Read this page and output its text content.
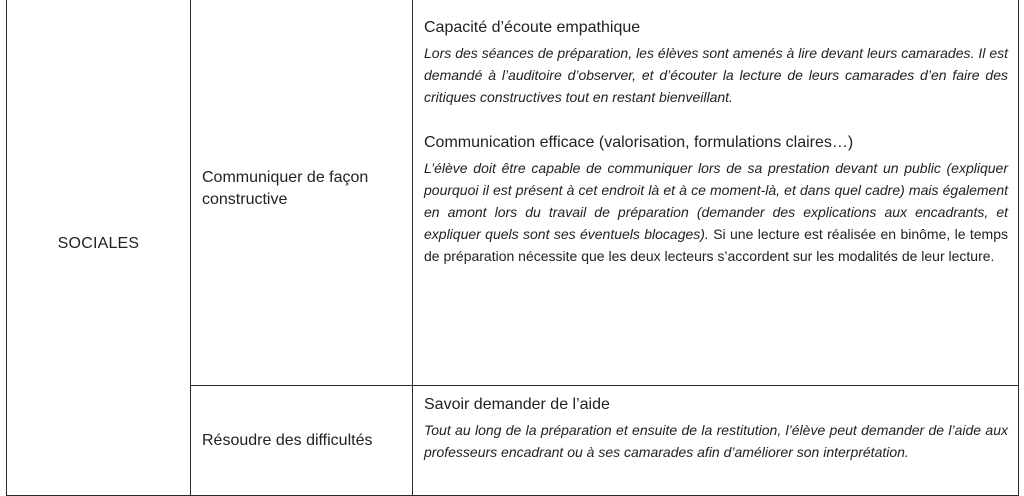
SOCIALES	Communiquer de façon constructive	Capacité d’écoute empathique

Lors des séances de préparation, les élèves sont amenés à lire devant leurs camarades. Il est demandé à l’auditoire d’observer, et d’écouter la lecture de leurs camarades d’en faire des critiques constructives tout en restant bienveillant.

Communication efficace (valorisation, formulations claires…)

L’élève doit être capable de communiquer lors de sa prestation devant un public (expliquer pourquoi il est présent à cet endroit là et à ce moment-là, et dans quel cadre) mais également en amont lors du travail de préparation (demander des explications aux encadrants, et expliquer quels sont ses éventuels blocages). Si une lecture est réalisée en binôme, le temps de préparation nécessite que les deux lecteurs s’accordent sur les modalités de leur lecture.

	Résoudre des difficultés	Savoir demander de l’aide

Tout au long de la préparation et ensuite de la restitution, l’élève peut demander de l’aide aux professeurs encadrant ou à ses camarades afin d’améliorer son interprétation.
